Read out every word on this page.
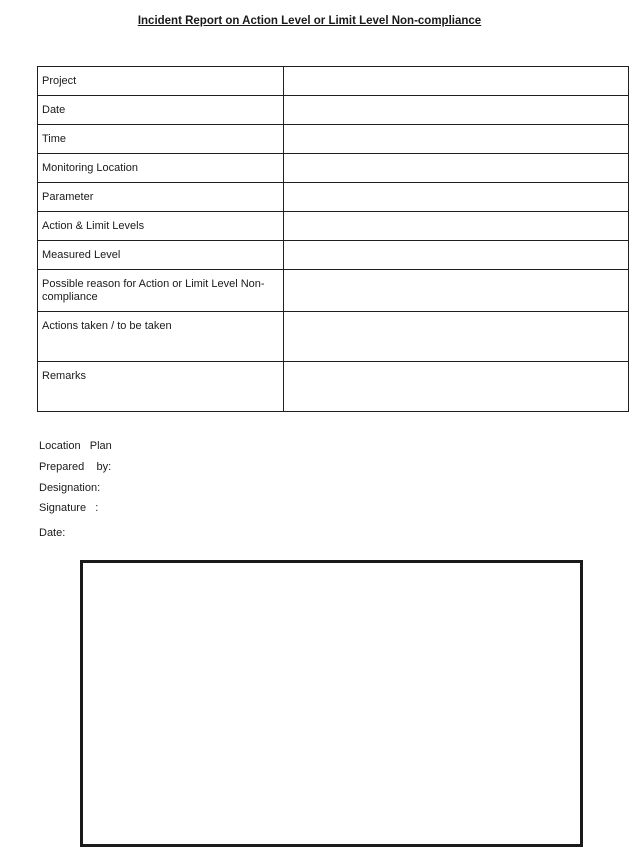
Incident Report on Action Level or Limit Level Non-compliance
Project	
Date	
Time	
Monitoring Location	
Parameter	
Action & Limit Levels	
Measured Level	
Possible reason for Action or Limit Level Non-compliance	
Actions taken / to be taken	
Remarks	
Location   Plan
Prepared    by:
Designation:
Signature   :
Date:
